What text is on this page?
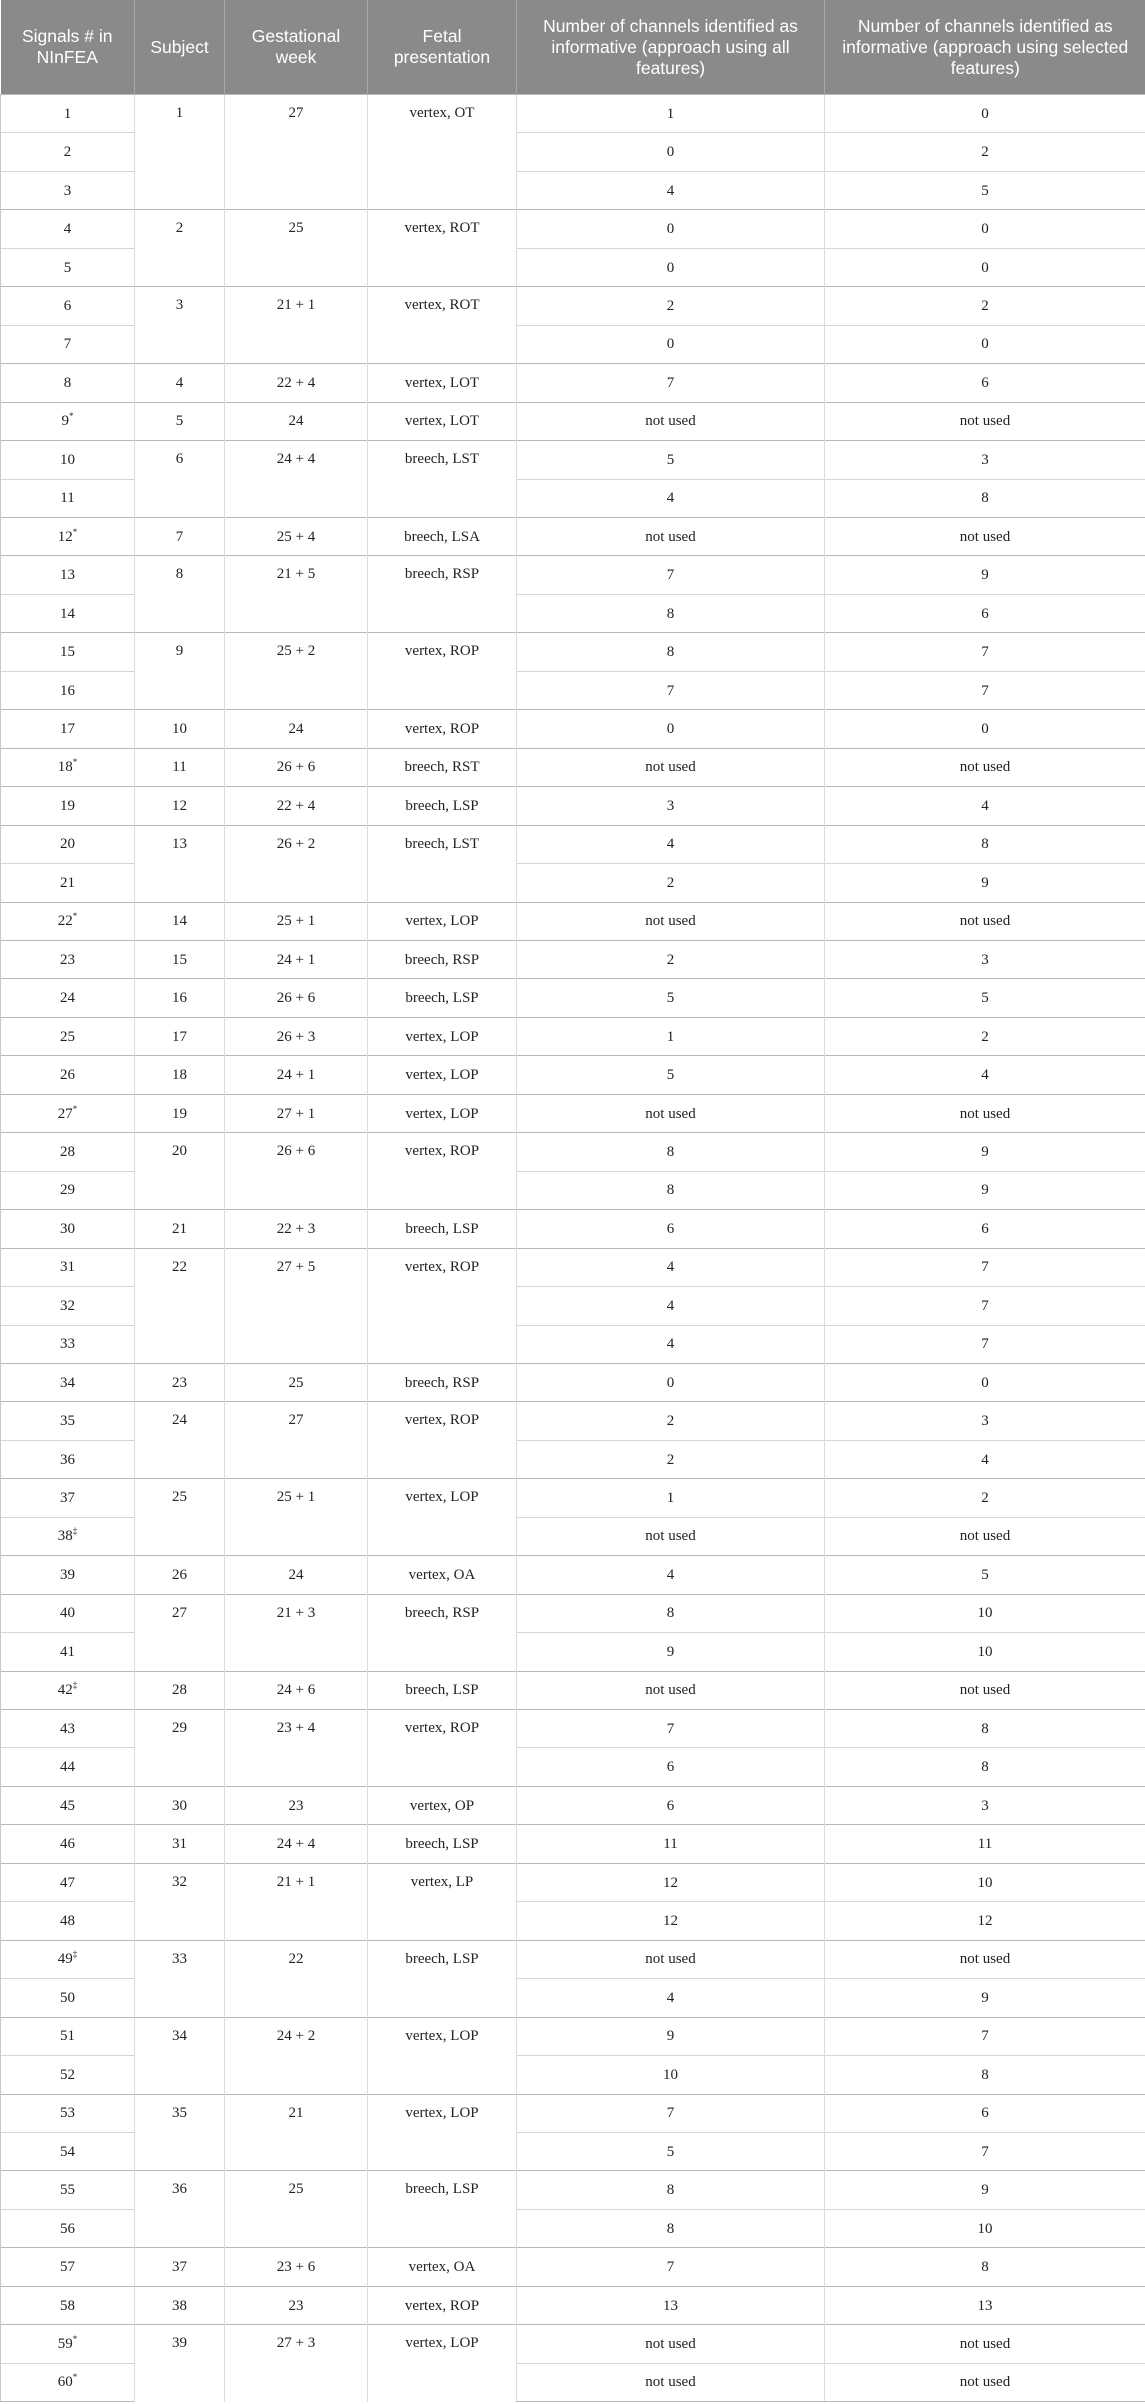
Signals # in NInFEA	Subject	Gestational week	Fetal presentation	Number of channels identified as informative (approach using all features)	Number of channels identified as informative (approach using selected features)
1	1	27	vertex, OT	1	0
2				0	2
3				4	5
4	2	25	vertex, ROT	0	0
5				0	0
6	3	21 + 1	vertex, ROT	2	2
7				0	0
8	4	22 + 4	vertex, LOT	7	6
9*	5	24	vertex, LOT	not used	not used
10	6	24 + 4	breech, LST	5	3
11				4	8
12*	7	25 + 4	breech, LSA	not used	not used
13	8	21 + 5	breech, RSP	7	9
14				8	6
15	9	25 + 2	vertex, ROP	8	7
16				7	7
17	10	24	vertex, ROP	0	0
18*	11	26 + 6	breech, RST	not used	not used
19	12	22 + 4	breech, LSP	3	4
20	13	26 + 2	breech, LST	4	8
21				2	9
22*	14	25 + 1	vertex, LOP	not used	not used
23	15	24 + 1	breech, RSP	2	3
24	16	26 + 6	breech, LSP	5	5
25	17	26 + 3	vertex, LOP	1	2
26	18	24 + 1	vertex, LOP	5	4
27*	19	27 + 1	vertex, LOP	not used	not used
28	20	26 + 6	vertex, ROP	8	9
29				8	9
30	21	22 + 3	breech, LSP	6	6
31	22	27 + 5	vertex, ROP	4	7
32				4	7
33				4	7
34	23	25	breech, RSP	0	0
35	24	27	vertex, ROP	2	3
36				2	4
37	25	25 + 1	vertex, LOP	1	2
38‡				not used	not used
39	26	24	vertex, OA	4	5
40	27	21 + 3	breech, RSP	8	10
41				9	10
42‡	28	24 + 6	breech, LSP	not used	not used
43	29	23 + 4	vertex, ROP	7	8
44				6	8
45	30	23	vertex, OP	6	3
46	31	24 + 4	breech, LSP	11	11
47	32	21 + 1	vertex, LP	12	10
48				12	12
49‡	33	22	breech, LSP	not used	not used
50				4	9
51	34	24 + 2	vertex, LOP	9	7
52				10	8
53	35	21	vertex, LOP	7	6
54				5	7
55	36	25	breech, LSP	8	9
56				8	10
57	37	23 + 6	vertex, OA	7	8
58	38	23	vertex, ROP	13	13
59*	39	27 + 3	vertex, LOP	not used	not used
60*				not used	not used
